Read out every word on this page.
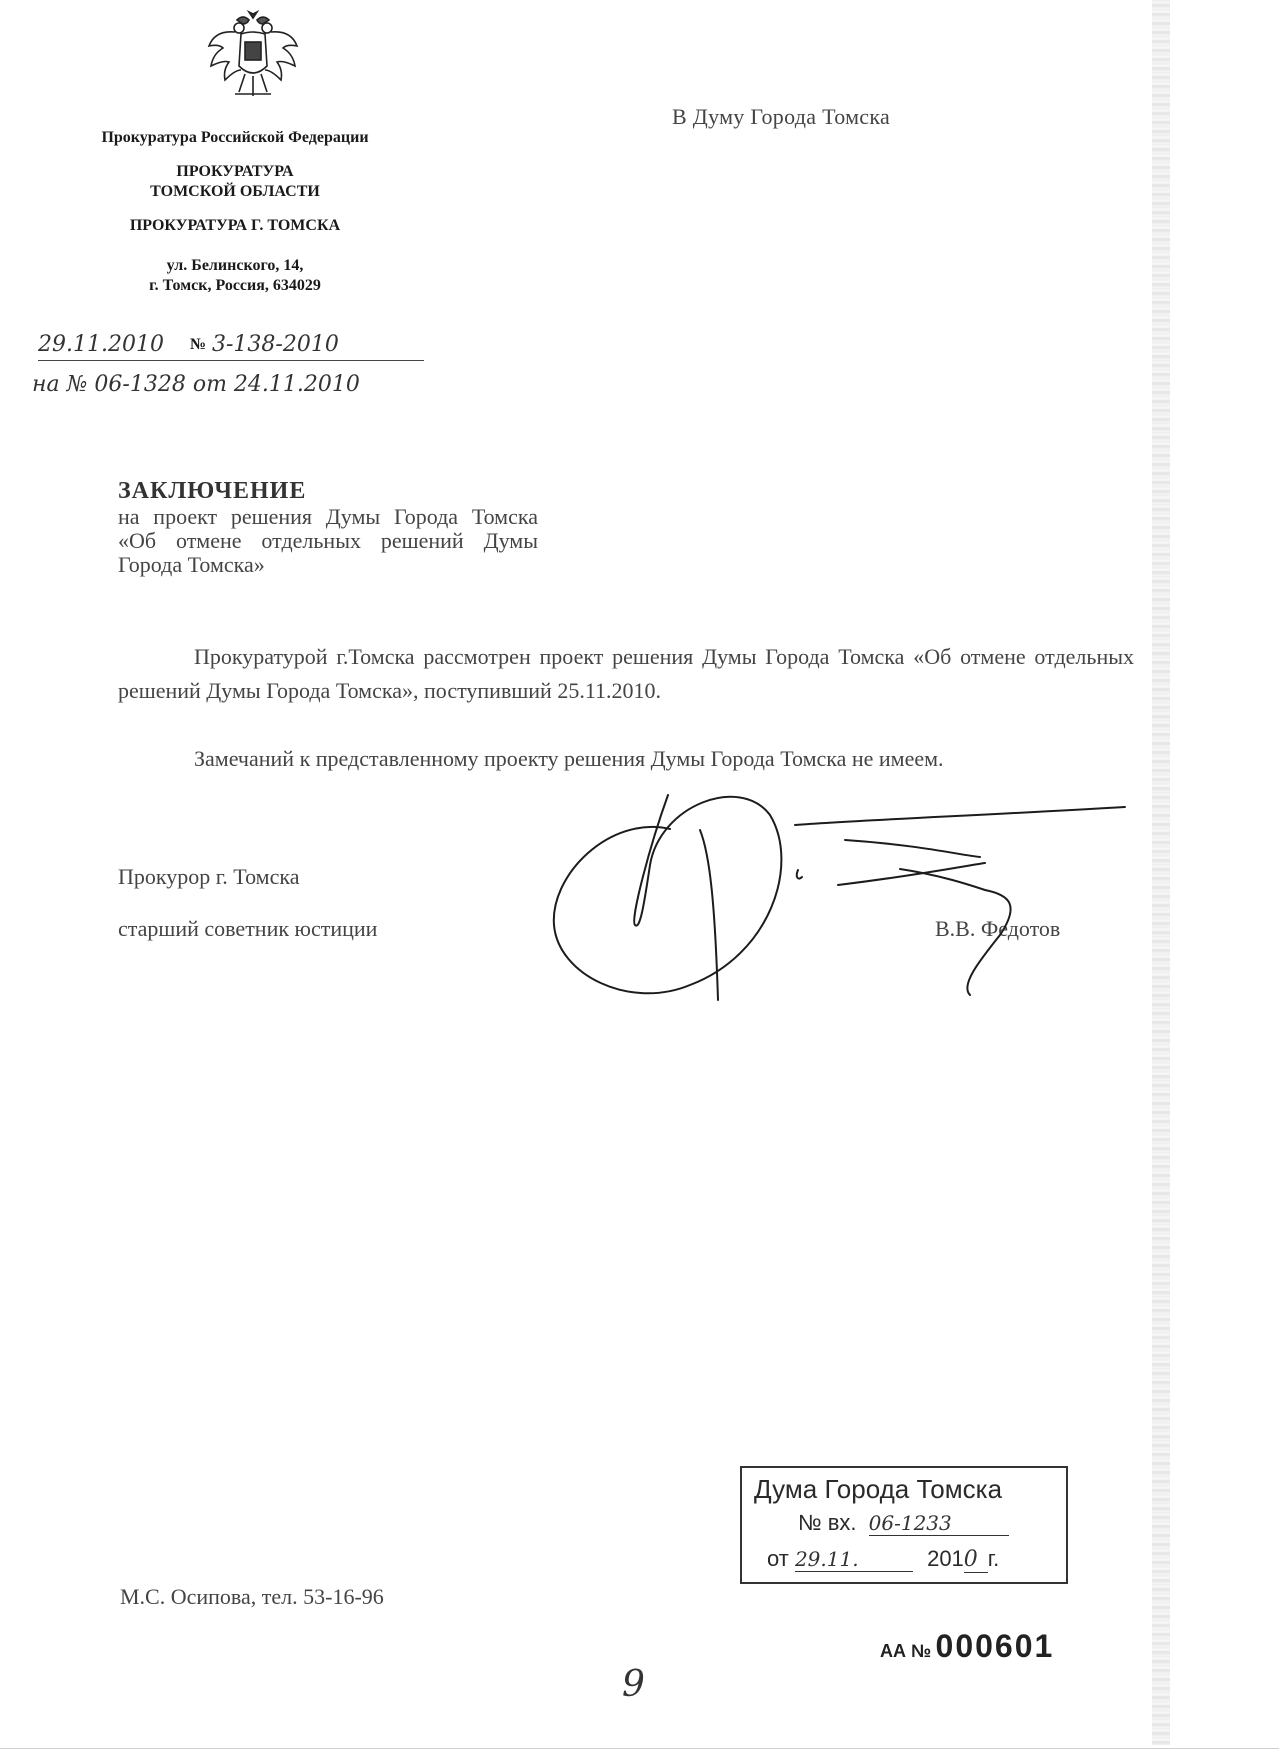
Прокуратура Российской Федерации
ПРОКУРАТУРА
ТОМСКОЙ ОБЛАСТИ
ПРОКУРАТУРА Г. ТОМСКА
ул. Белинского, 14,
г. Томск, Россия, 634029
29.11.2010 № 3-138-2010
на № 06-1328 от 24.11.2010
В Думу Города Томска
ЗАКЛЮЧЕНИЕ
на проект решения Думы Города Томска «Об отмене отдельных решений Думы Города Томска»
Прокуратурой г.Томска рассмотрен проект решения Думы Города Томска «Об отмене отдельных решений Думы Города Томска», поступивший 25.11.2010.
Замечаний к представленному проекту решения Думы Города Томска не имеем.
Прокурор г. Томска
старший советник юстиции	В.В. Федотов
Дума Города Томска
№ вх. 06-1233
от 29.11.	2010 г.
М.С. Осипова, тел. 53-16-96
АА № 000601
9
